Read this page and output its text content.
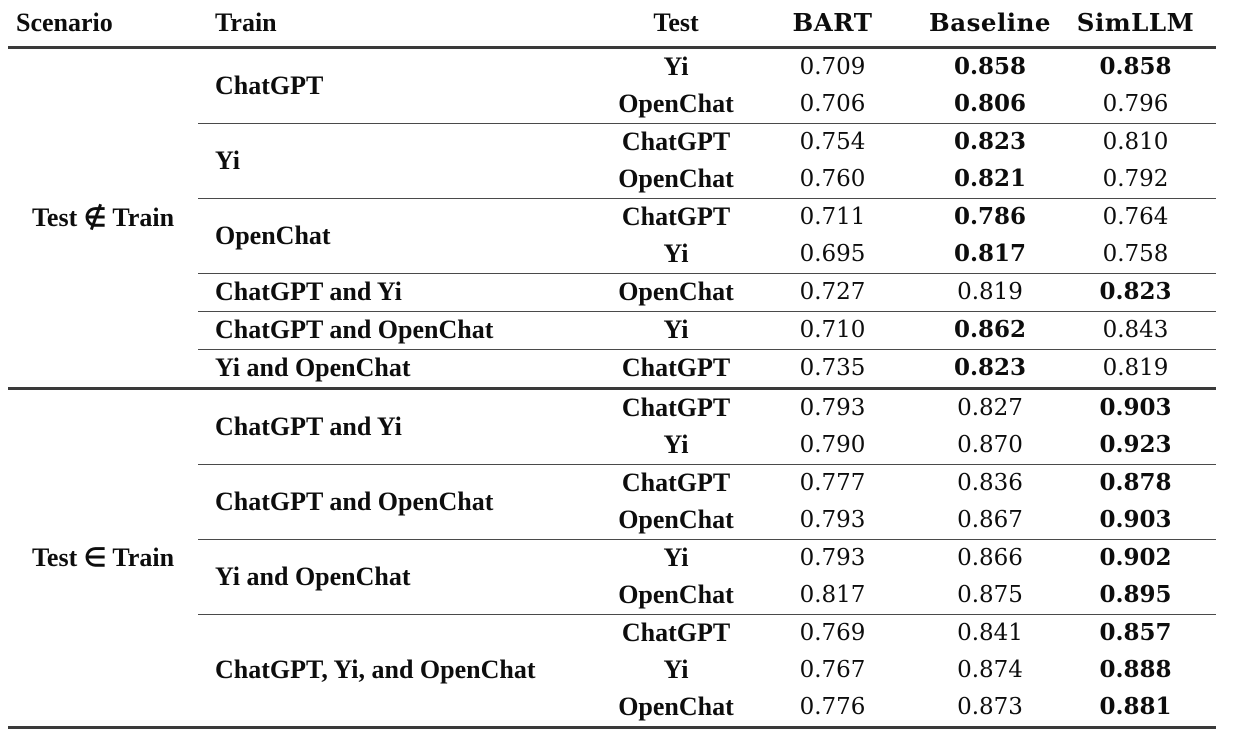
Scenario	Train	Test	BART	Baseline	SimLLM
Test ∉ Train	ChatGPT	Yi	0.709	0.858	0.858
		OpenChat	0.706	0.806	0.796
	Yi	ChatGPT	0.754	0.823	0.810
		OpenChat	0.760	0.821	0.792
	OpenChat	ChatGPT	0.711	0.786	0.764
		Yi	0.695	0.817	0.758
	ChatGPT and Yi	OpenChat	0.727	0.819	0.823
	ChatGPT and OpenChat	Yi	0.710	0.862	0.843
	Yi and OpenChat	ChatGPT	0.735	0.823	0.819
Test ∈ Train	ChatGPT and Yi	ChatGPT	0.793	0.827	0.903
		Yi	0.790	0.870	0.923
	ChatGPT and OpenChat	ChatGPT	0.777	0.836	0.878
		OpenChat	0.793	0.867	0.903
	Yi and OpenChat	Yi	0.793	0.866	0.902
		OpenChat	0.817	0.875	0.895
	ChatGPT, Yi, and OpenChat	ChatGPT	0.769	0.841	0.857
		Yi	0.767	0.874	0.888
		OpenChat	0.776	0.873	0.881
